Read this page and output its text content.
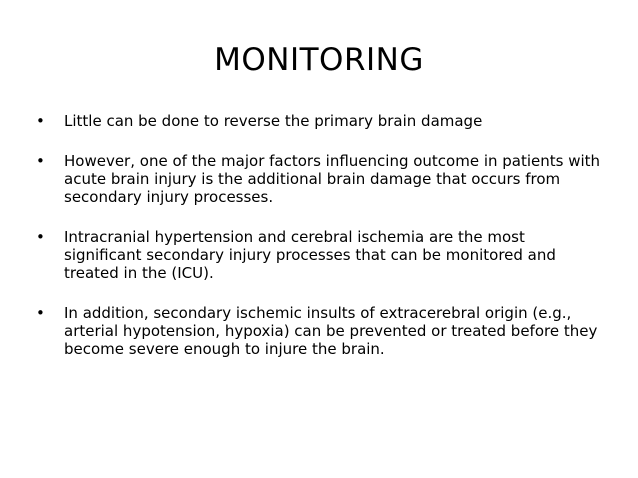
MONITORING
•	Little can be done to reverse the primary brain damage
•	However, one of the major factors influencing outcome in patients with acute brain injury is the additional brain damage that occurs from secondary injury processes.
•	Intracranial hypertension and cerebral ischemia are the most significant secondary injury processes that can be monitored and treated in the (ICU).
•	In addition, secondary ischemic insults of extracerebral origin (e.g., arterial hypotension, hypoxia) can be prevented or treated before they become severe enough to injure the brain.
